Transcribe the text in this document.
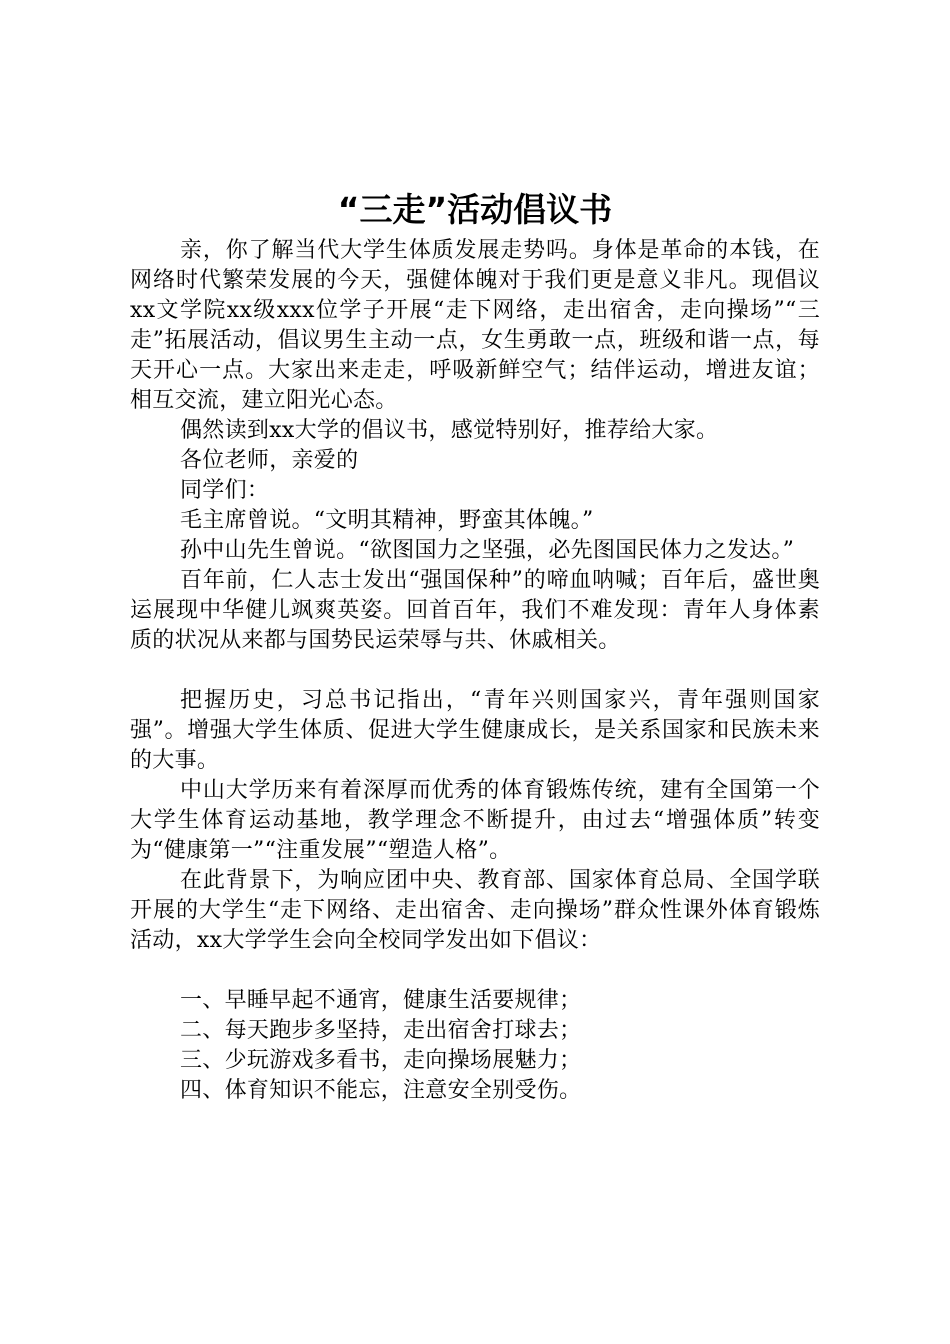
“三走”活动倡议书

亲，你了解当代大学生体质发展走势吗。身体是革命的本钱，在网络时代繁荣发展的今天，强健体魄对于我们更是意义非凡。现倡议xx文学院xx级xxx位学子开展“走下网络，走出宿舍，走向操场”“三走”拓展活动，倡议男生主动一点，女生勇敢一点，班级和谐一点，每天开心一点。大家出来走走，呼吸新鲜空气；结伴运动，增进友谊；相互交流，建立阳光心态。

偶然读到xx大学的倡议书，感觉特别好，推荐给大家。

各位老师，亲爱的

同学们：

毛主席曾说。“文明其精神，野蛮其体魄。”

孙中山先生曾说。“欲图国力之坚强，必先图国民体力之发达。”

百年前，仁人志士发出“强国保种”的啼血呐喊；百年后，盛世奥运展现中华健儿飒爽英姿。回首百年，我们不难发现：青年人身体素质的状况从来都与国势民运荣辱与共、休戚相关。

把握历史，习总书记指出，“青年兴则国家兴，青年强则国家强”。增强大学生体质、促进大学生健康成长，是关系国家和民族未来的大事。

中山大学历来有着深厚而优秀的体育锻炼传统，建有全国第一个大学生体育运动基地，教学理念不断提升，由过去“增强体质”转变为“健康第一”“注重发展”“塑造人格”。

在此背景下，为响应团中央、教育部、国家体育总局、全国学联开展的大学生“走下网络、走出宿舍、走向操场”群众性课外体育锻炼活动，xx大学学生会向全校同学发出如下倡议：

一、早睡早起不通宵，健康生活要规律；

二、每天跑步多坚持，走出宿舍打球去；

三、少玩游戏多看书，走向操场展魅力；

四、体育知识不能忘，注意安全别受伤。
